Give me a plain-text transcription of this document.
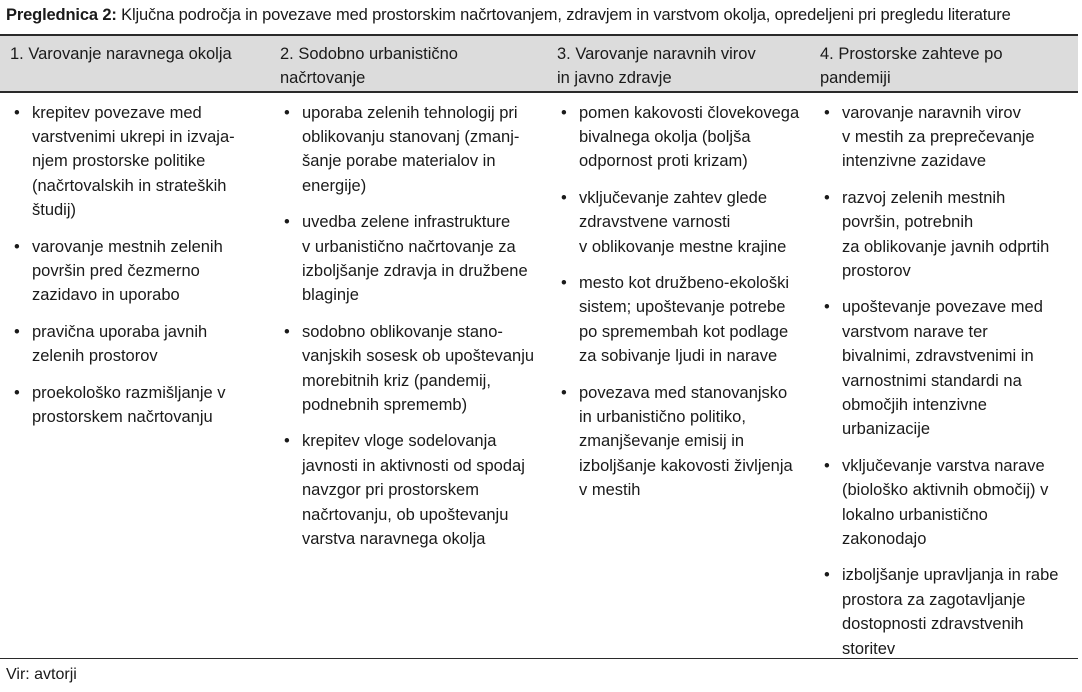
Preglednica 2: Ključna področja in povezave med prostorskim načrtovanjem, zdravjem in varstvom okolja, opredeljeni pri pregledu literature
1. Varovanje naravnega okolja	2. Sodobno urbanistično
načrtovanje
3. Varovanje naravnih virov
in javno zdravje
4. Prostorske zahteve po
pandemiji
• krepitev povezave med
varstvenimi ukrepi in izvaja-
njem prostorske politike
(načrtovalskih in strateških
študij)
• varovanje mestnih zelenih
površin pred čezmerno
zazidavo in uporabo
• pravična uporaba javnih
zelenih prostorov
• proekološko razmišljanje v
prostorskem načrtovanju
• uporaba zelenih tehnologij pri
oblikovanju stanovanj (zmanj-
šanje porabe materialov in
energije)
• uvedba zelene infrastrukture
v urbanistično načrtovanje za
izboljšanje zdravja in družbene
blaginje
• sodobno oblikovanje stano-
vanjskih sosesk ob upoštevanju
morebitnih kriz (pandemij,
podnebnih sprememb)
• krepitev vloge sodelovanja
javnosti in aktivnosti od spodaj
navzgor pri prostorskem
načrtovanju, ob upoštevanju
varstva naravnega okolja
• pomen kakovosti človekovega
bivalnega okolja (boljša
odpornost proti krizam)
• vključevanje zahtev glede
zdravstvene varnosti
v oblikovanje mestne krajine
• mesto kot družbeno-ekološki
sistem; upoštevanje potrebe
po spremembah kot podlage
za sobivanje ljudi in narave
• povezava med stanovanjsko
in urbanistično politiko,
zmanjševanje emisij in
izboljšanje kakovosti življenja
v mestih
• varovanje naravnih virov
v mestih za preprečevanje
intenzivne zazidave
• razvoj zelenih mestnih
površin, potrebnih
za oblikovanje javnih odprtih
prostorov
• upoštevanje povezave med
varstvom narave ter
bivalnimi, zdravstvenimi in
varnostnimi standardi na
območjih intenzivne
urbanizacije
• vključevanje varstva narave
(biološko aktivnih območij) v
lokalno urbanistično
zakonodajo
• izboljšanje upravljanja in rabe
prostora za zagotavljanje
dostopnosti zdravstvenih
storitev
Vir: avtorji
